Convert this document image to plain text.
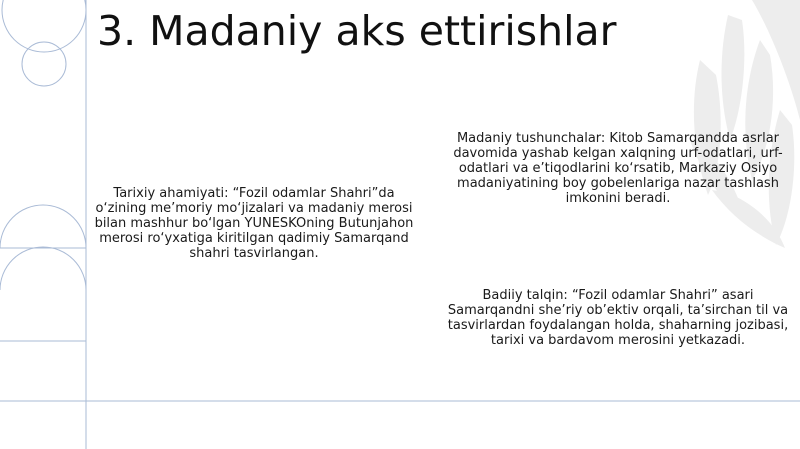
3. Madaniy aks ettirishlar

Tarixiy ahamiyati: “Fozil odamlar Shahri”da o‘zining me’moriy mo‘jizalari va madaniy merosi bilan mashhur bo‘lgan YUNESKOning Butunjahon merosi ro‘yxatiga kiritilgan qadimiy Samarqand shahri tasvirlangan.

Madaniy tushunchalar: Kitob Samarqandda asrlar davomida yashab kelgan xalqning urf-odatlari, urf-odatlari va e’tiqodlarini ko‘rsatib, Markaziy Osiyo madaniyatining boy gobelenlariga nazar tashlash imkonini beradi.

Badiiy talqin: “Fozil odamlar Shahri” asari Samarqandni she’riy ob’ektiv orqali, ta’sirchan til va tasvirlardan foydalangan holda, shaharning jozibasi, tarixi va bardavom merosini yetkazadi.
